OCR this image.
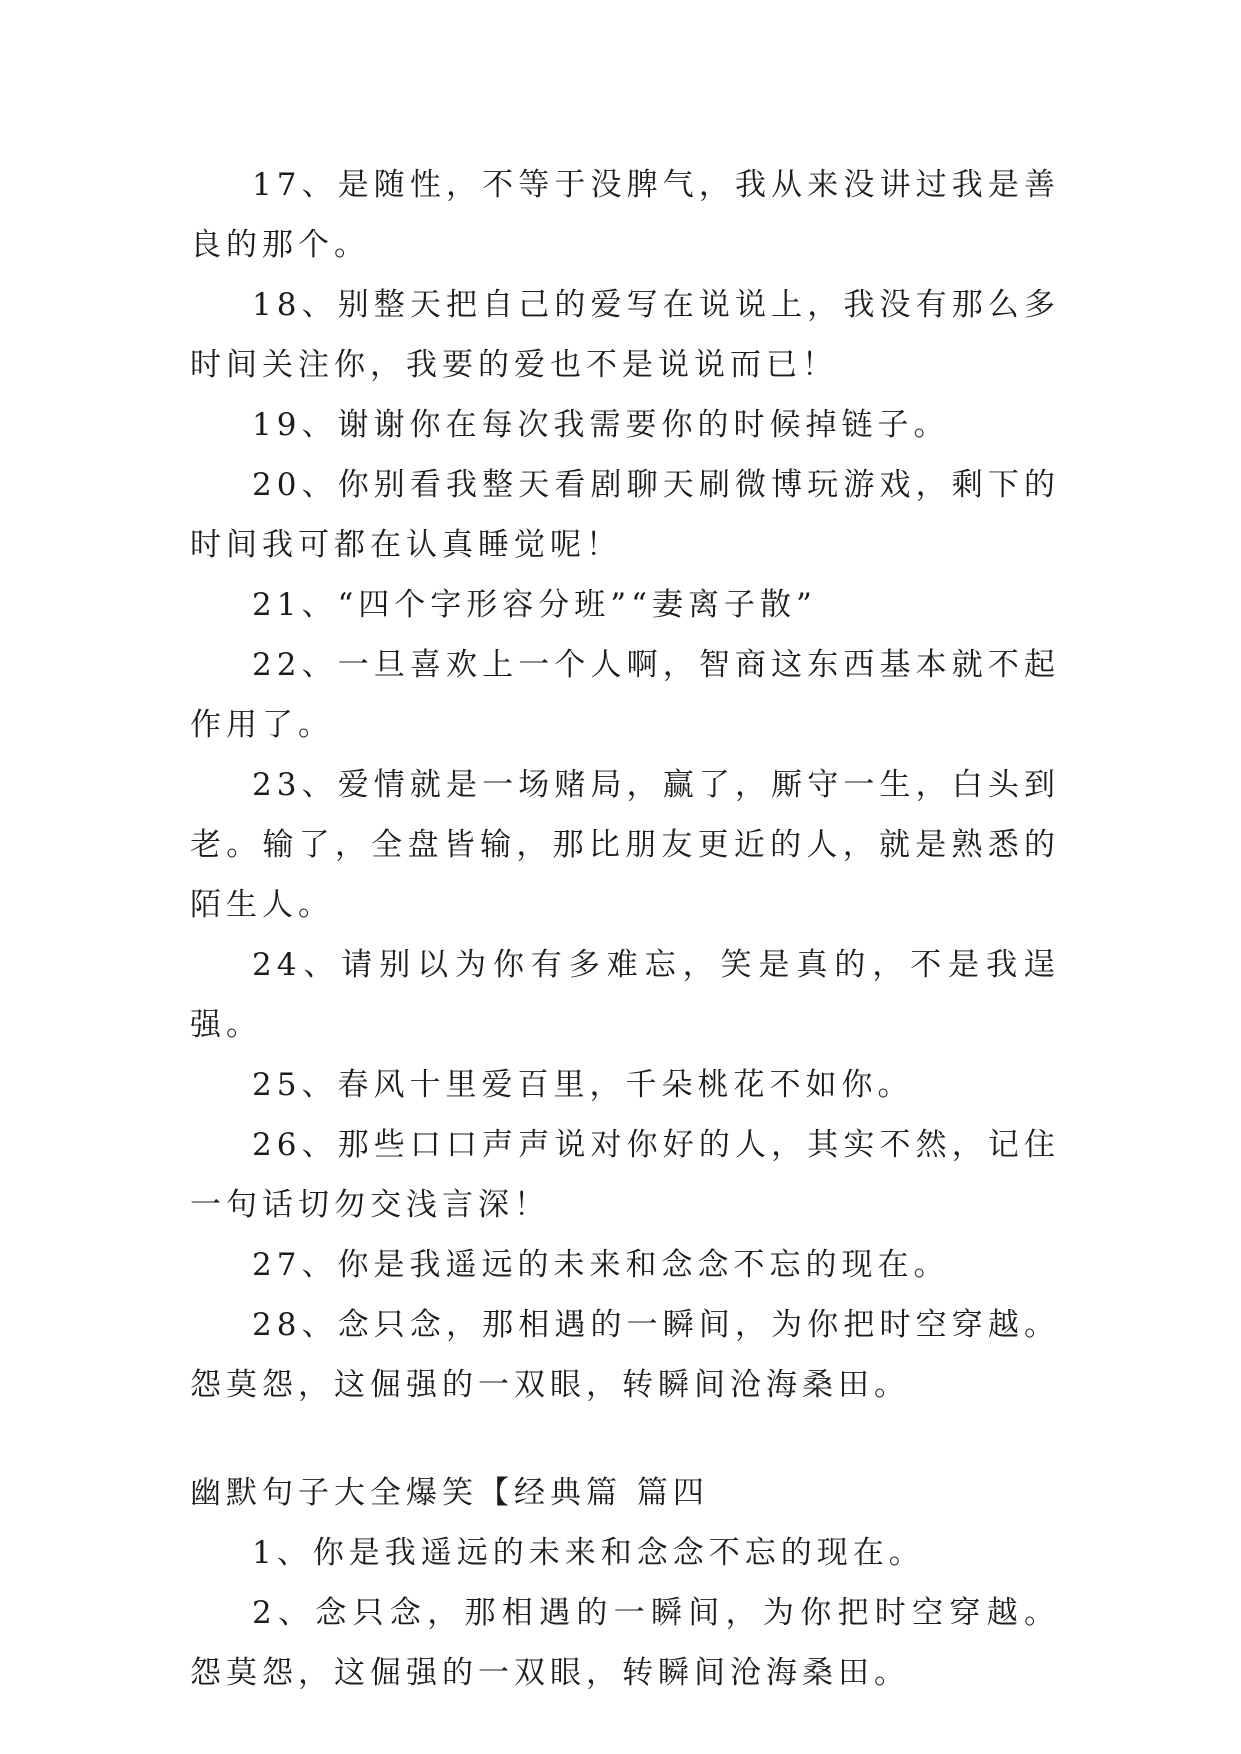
17、是随性，不等于没脾气，我从来没讲过我是善良的那个。

18、别整天把自己的爱写在说说上，我没有那么多时间关注你，我要的爱也不是说说而已！

19、谢谢你在每次我需要你的时候掉链子。

20、你别看我整天看剧聊天刷微博玩游戏，剩下的时间我可都在认真睡觉呢！

21、“四个字形容分班”“妻离子散”

22、一旦喜欢上一个人啊，智商这东西基本就不起作用了。

23、爱情就是一场赌局，赢了，厮守一生，白头到老。输了，全盘皆输，那比朋友更近的人，就是熟悉的陌生人。

24、请别以为你有多难忘，笑是真的，不是我逞强。

25、春风十里爱百里，千朵桃花不如你。

26、那些口口声声说对你好的人，其实不然，记住一句话切勿交浅言深！

27、你是我遥远的未来和念念不忘的现在。

28、念只念，那相遇的一瞬间，为你把时空穿越。怨莫怨，这倔强的一双眼，转瞬间沧海桑田。

幽默句子大全爆笑【经典篇 篇四

1、你是我遥远的未来和念念不忘的现在。

2、念只念，那相遇的一瞬间，为你把时空穿越。怨莫怨，这倔强的一双眼，转瞬间沧海桑田。
